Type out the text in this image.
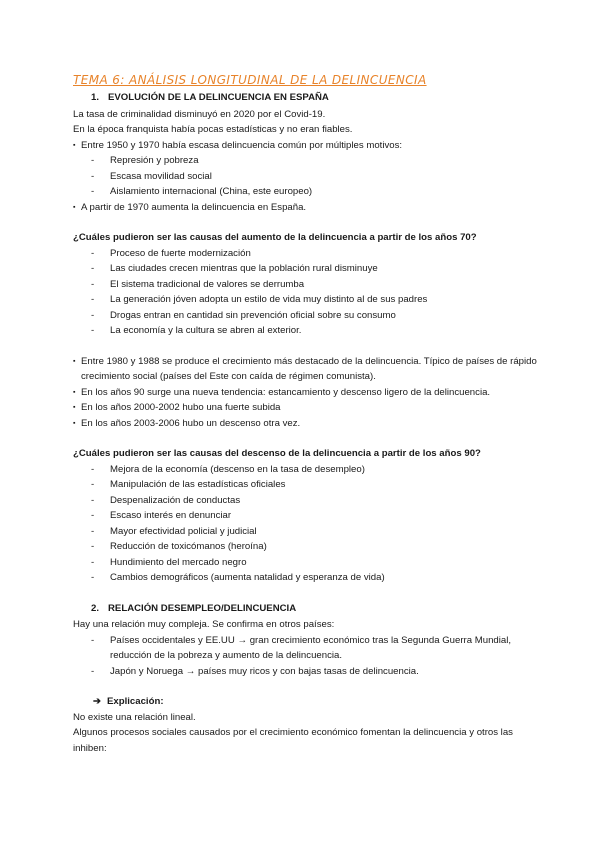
TEMA 6: ANÁLISIS LONGITUDINAL DE LA DELINCUENCIA
1. EVOLUCIÓN DE LA DELINCUENCIA EN ESPAÑA

La tasa de criminalidad disminuyó en 2020 por el Covid-19.

En la época franquista había pocas estadísticas y no eran fiables.

▪ Entre 1950 y 1970 había escasa delincuencia común por múltiples motivos:
- Represión y pobreza
- Escasa movilidad social
- Aislamiento internacional (China, este europeo)
▪ A partir de 1970 aumenta la delincuencia en España.
¿Cuáles pudieron ser las causas del aumento de la delincuencia a partir de los años 70?
- Proceso de fuerte modernización
- Las ciudades crecen mientras que la población rural disminuye
- El sistema tradicional de valores se derrumba
- La generación jóven adopta un estilo de vida muy distinto al de sus padres
- Drogas entran en cantidad sin prevención oficial sobre su consumo
- La economía y la cultura se abren al exterior.
▪ Entre 1980 y 1988 se produce el crecimiento más destacado de la delincuencia. Típico de países de rápido crecimiento social (países del Este con caída de régimen comunista).
▪ En los años 90 surge una nueva tendencia: estancamiento y descenso ligero de la delincuencia.
▪ En los años 2000-2002 hubo una fuerte subida
▪ En los años 2003-2006 hubo un descenso otra vez.
¿Cuáles pudieron ser las causas del descenso de la delincuencia a partir de los años 90?
- Mejora de la economía (descenso en la tasa de desempleo)
- Manipulación de las estadísticas oficiales
- Despenalización de conductas
- Escaso interés en denunciar
- Mayor efectividad policial y judicial
- Reducción de toxicómanos (heroína)
- Hundimiento del mercado negro
- Cambios demográficos (aumenta natalidad y esperanza de vida)
2. RELACIÓN DESEMPLEO/DELINCUENCIA

Hay una relación muy compleja. Se confirma en otros países:

- Países occidentales y EE.UU → gran crecimiento económico tras la Segunda Guerra Mundial, reducción de la pobreza y aumento de la delincuencia.
- Japón y Noruega → países muy ricos y con bajas tasas de delincuencia.
➔ Explicación:

No existe una relación lineal.

Algunos procesos sociales causados por el crecimiento económico fomentan la delincuencia y otros las inhiben:
